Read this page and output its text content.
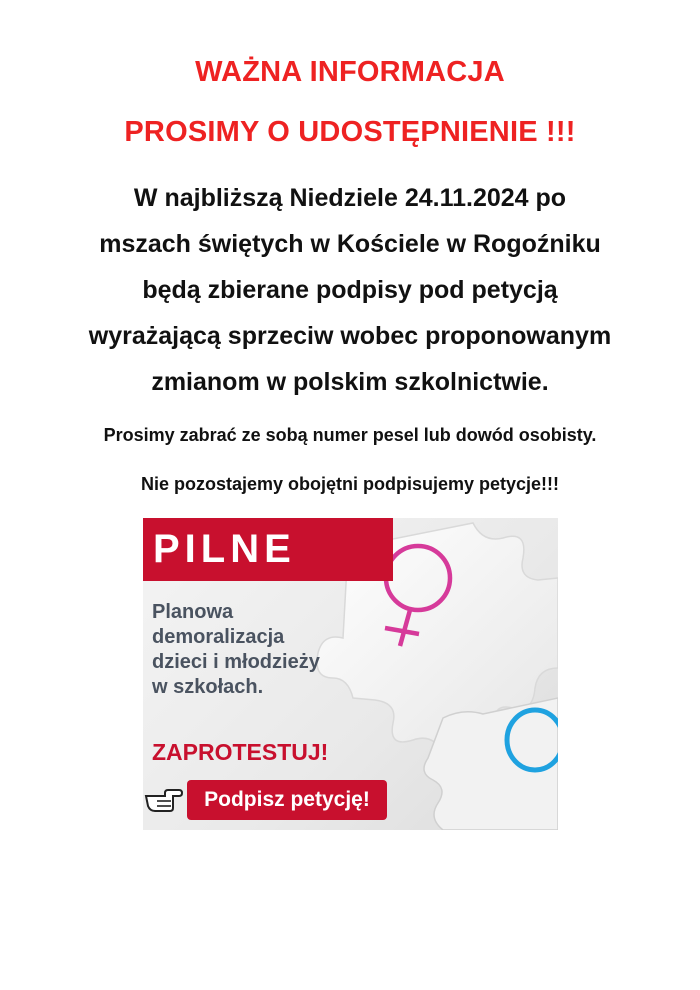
WAŻNA INFORMACJA
PROSIMY O UDOSTĘPNIENIE !!!
W najbliższą Niedziele 24.11.2024 po
mszach świętych w Kościele w Rogoźniku
będą zbierane podpisy pod petycją
wyrażającą sprzeciw wobec proponowanym
zmianom w polskim szkolnictwie.
Prosimy zabrać ze sobą numer pesel lub dowód osobisty.
Nie pozostajemy obojętni podpisujemy petycje!!!
PILNE
Planowa
demoralizacja
dzieci i młodzieży
w szkołach.
ZAPROTESTUJ!
Podpisz petycję!
